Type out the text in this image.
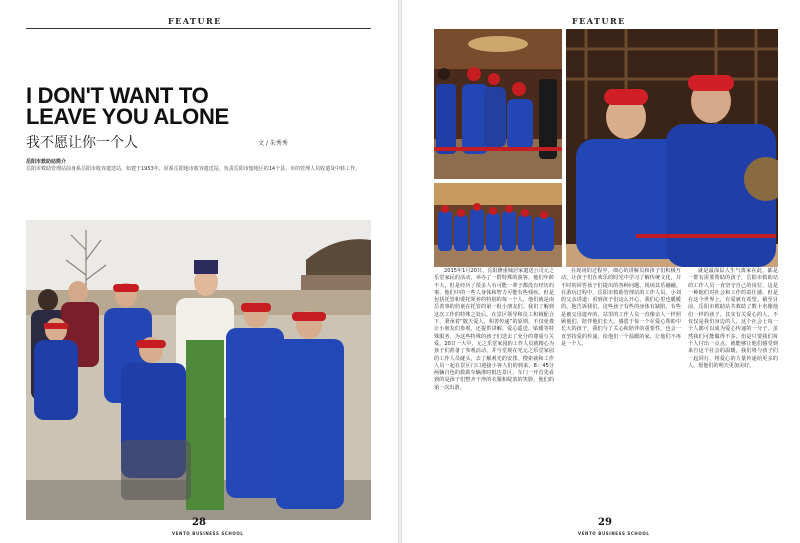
FEATURE
I DON'T WANT TO
LEAVE YOU ALONE
我不愿让你一个人	文 / 朱秀秀
岳阳市救助站简介
岳阳市救助管理站前身系岳阳市收容遣送站，始建于1953年，原系岳阳地市收容遣送站，负责岳阳市辖地区的14个县、市的管理人员收遣及中转工作。
28
VENTO BUSINESS SCHOOL
FEATURE
2015年1月20日，岳阳隆重城居家遣送公司元之乐堂家民的活动，举办了一群特殊的游客。他们年龄不大，但是经历了很多人有可能一辈子都没有经历的事。他们中的一些人身体和智力可能有些残疾。但是包括托管和委托领养的特别的每一个人，他们就是南岳善事的幼童在托管的第一批小朋友们。我们了解到这次工作的特殊之处后，在景区领导和员工积极配合下，秉承着“敬天爱人，积善传递”的原则，不仅免费让小朋友们参观，还提供讲解、爱心遥送、贴暖等特殊服务，为这些特殊的孩子们送去了充分的尊重与关爱。20日一大早，元之乐堂家园的工作人员就精心为孩子们准备了参观活动，并与堂观在光元之乐堂家园的工作人员碰头，去了解观光的安排。搜索就和工作人员一起在景区门口迎接小客人们的到来。8：45分两辆自色的救助车辆准时抵达景区，车门一开首先看到的是孩子们整齐干净的衣服和绽放的笑脸，他们的第一次出游。
在现场的过程中，细心的讲解员和孩子们积极互动，让孩子们在欢乐的时光中学习了解传统文化，并不时的回答孩子们提出的各种问题，现场其乐融融。在游玩过程中，岳阳市救助管理站的工作人员，小刘的父亲讲道：看到孩子们这么开心，我们心里也暖暖的。他告诉我们，这些孩子有些的身体有缺陷，有些是被父母遗弃的，站里的工作人员一直像亲人一样照顾他们，陪伴他们长大。感恩于每一个在爱心帮助中长大的孩子，我们与了关心和陪伴的重要性，也会一直坚持爱的传递，给他们一个温暖的家，让他们不再是一个人。
就是最深层人生气离家在此，都是一群有需要帮助的孩子，岳阳市救助站的工作人员一直坚守自己的岗位，这是一种他们对社会和工作的责任感，但是在这个世界上，有爱就有希望。截至目前，岳阳市救助站共救助了数十名像他们一样的孩子。其实有关爱心的人，不仅仅是我们身边的人，这个社会上每一个人都可以成为爱心传递的一分子。虽然我们可能做得不多，但是只要我们每个人付出一点点，就能够让他们感受到来自这个社会的温暖。我们将与孩子们一起同行，将爱心的力量传递给更多的人，愿他们的明天更加美好。
29
VENTO BUSINESS SCHOOL
